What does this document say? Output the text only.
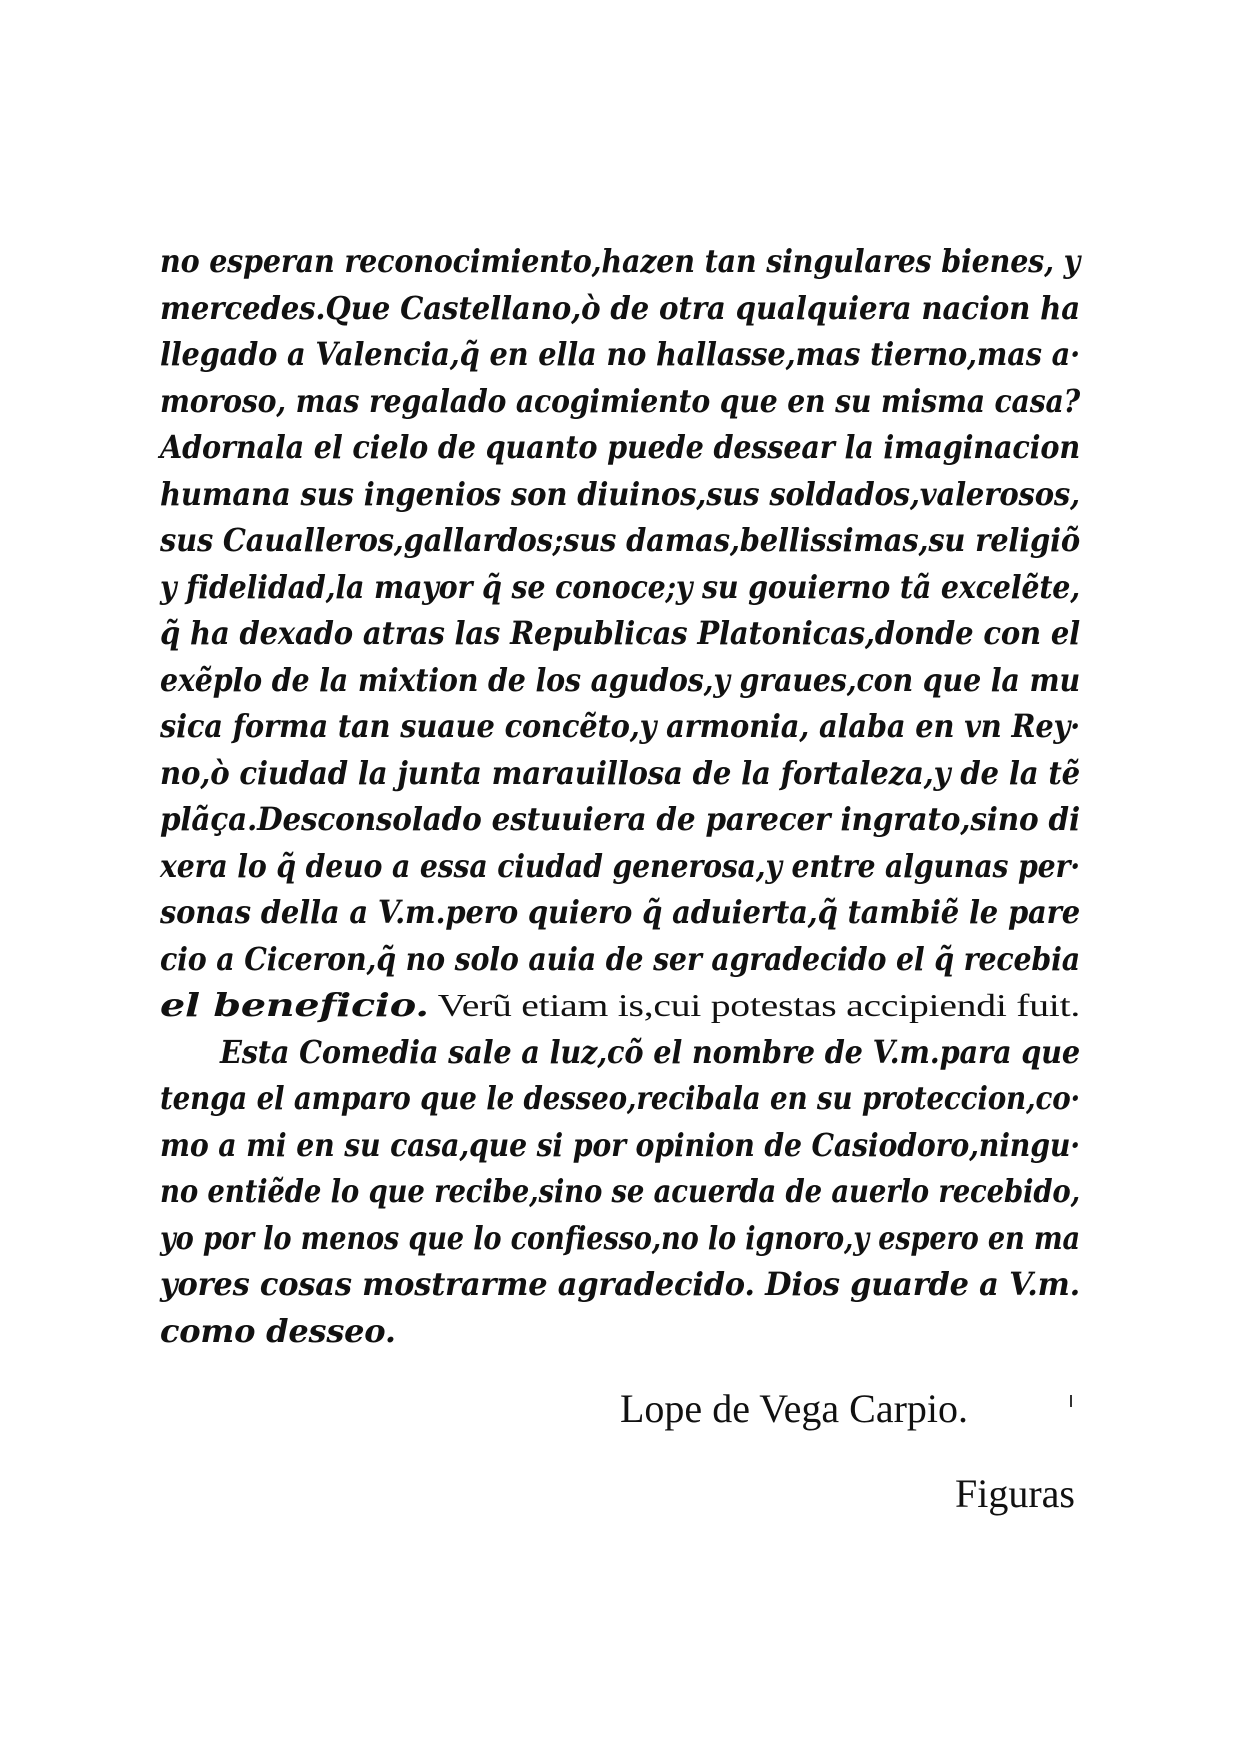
no esperan reconocimiento,hazen tan singulares bienes, y
mercedes.Que Castellano,ò de otra qualquiera nacion ha
llegado a Valencia,q̃ en ella no hallasse,mas tierno,mas a·
moroso, mas regalado acogimiento que en su misma casa?
Adornala el cielo de quanto puede dessear la imaginacion
humana sus ingenios son diuinos,sus soldados,valerosos,
sus Caualleros,gallardos;sus damas,bellissimas,su religiõ
y fidelidad,la mayor q̃ se conoce;y su gouierno tã excelẽte,
q̃ ha dexado atras las Republicas Platonicas,donde con el
exẽplo de la mixtion de los agudos,y graues,con que la mu
sica forma tan suaue concẽto,y armonia, alaba en vn Rey·
no,ò ciudad la junta marauillosa de la fortaleza,y de la tẽ
plãça.Desconsolado estuuiera de parecer ingrato,sino di
xera lo q̃ deuo a essa ciudad generosa,y entre algunas per·
sonas della a V.m.pero quiero q̃ aduierta,q̃ tambiẽ le pare
cio a Ciceron,q̃ no solo auia de ser agradecido el q̃ recebia
el beneficio. Verũ etiam is,cui potestas accipiendi fuit.
Esta Comedia sale a luz,cõ el nombre de V.m.para que
tenga el amparo que le desseo,recibala en su proteccion,co·
mo a mi en su casa,que si por opinion de Casiodoro,ningu·
no entiẽde lo que recibe,sino se acuerda de auerlo recebido,
yo por lo menos que lo confiesso,no lo ignoro,y espero en ma
yores cosas mostrarme agradecido. Dios guarde a V.m.
como desseo.
Lope de Vega Carpio.
Figuras
